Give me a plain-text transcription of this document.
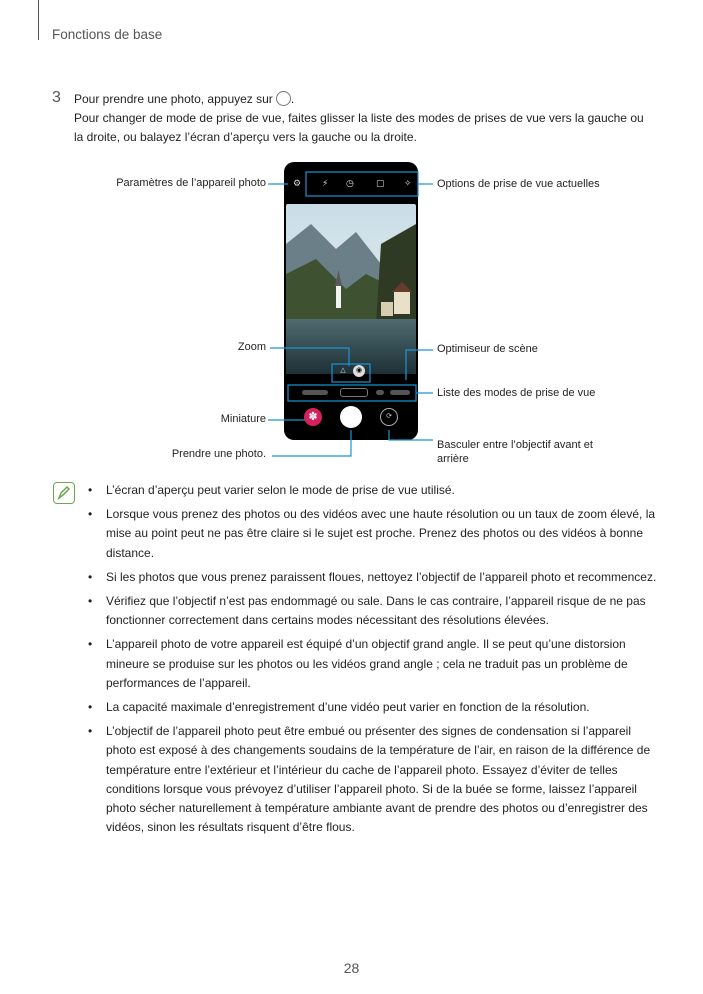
Fonctions de base
3 Pour prendre une photo, appuyez sur .
Pour changer de mode de prise de vue, faites glisser la liste des modes de prises de vue vers la gauche ou la droite, ou balayez l’écran d’aperçu vers la gauche ou la droite.
⚙ ⚡ ◷ ▢ ✧
△	◉
✽	⟳
Paramètres de l’appareil photo	Options de prise de vue actuelles
Zoom	Optimiseur de scène
Liste des modes de prise de vue
Miniature
Prendre une photo.
Basculer entre l’objectif avant et
arrière
• L’écran d’aperçu peut varier selon le mode de prise de vue utilisé.
• Lorsque vous prenez des photos ou des vidéos avec une haute résolution ou un taux de zoom élevé, la mise au point peut ne pas être claire si le sujet est proche. Prenez des photos ou des vidéos à bonne distance.
• Si les photos que vous prenez paraissent floues, nettoyez l’objectif de l’appareil photo et recommencez.
• Vérifiez que l’objectif n’est pas endommagé ou sale. Dans le cas contraire, l’appareil risque de ne pas fonctionner correctement dans certains modes nécessitant des résolutions élevées.
• L’appareil photo de votre appareil est équipé d’un objectif grand angle. Il se peut qu’une distorsion mineure se produise sur les photos ou les vidéos grand angle ; cela ne traduit pas un problème de performances de l’appareil.
• La capacité maximale d’enregistrement d’une vidéo peut varier en fonction de la résolution.
• L’objectif de l’appareil photo peut être embué ou présenter des signes de condensation si l’appareil photo est exposé à des changements soudains de la température de l’air, en raison de la différence de température entre l’extérieur et l’intérieur du cache de l’appareil photo. Essayez d’éviter de telles conditions lorsque vous prévoyez d’utiliser l’appareil photo. Si de la buée se forme, laissez l’appareil photo sécher naturellement à température ambiante avant de prendre des photos ou d’enregistrer des vidéos, sinon les résultats risquent d’être flous.
28
